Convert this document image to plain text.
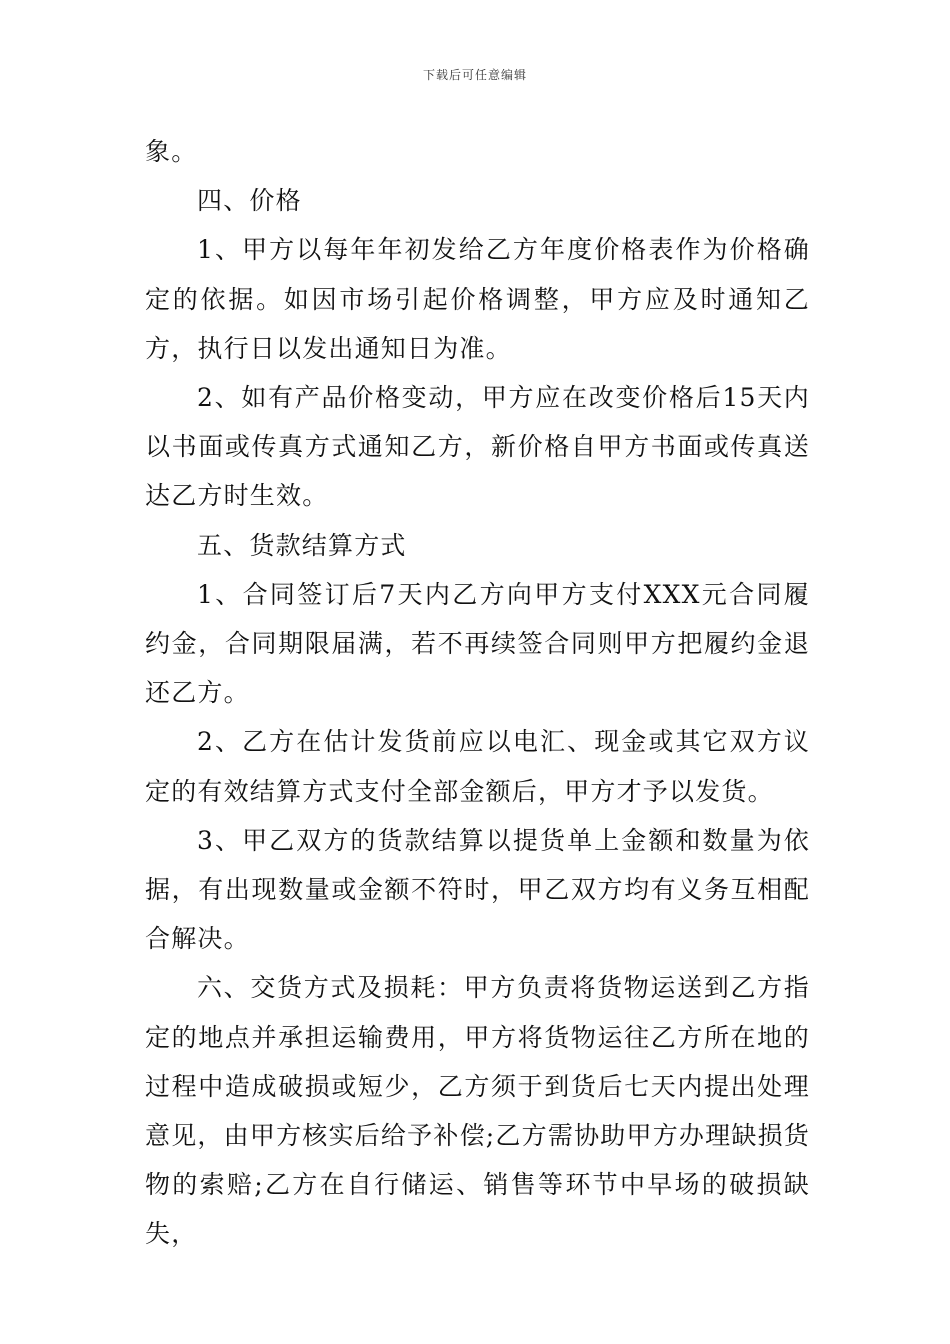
下载后可任意编辑

象。

四、价格

1、甲方以每年年初发给乙方年度价格表作为价格确定的依据。如因市场引起价格调整，甲方应及时通知乙方，执行日以发出通知日为准。

2、如有产品价格变动，甲方应在改变价格后15天内以书面或传真方式通知乙方，新价格自甲方书面或传真送达乙方时生效。

五、货款结算方式

1、合同签订后7天内乙方向甲方支付XXX元合同履约金，合同期限届满，若不再续签合同则甲方把履约金退还乙方。

2、乙方在估计发货前应以电汇、现金或其它双方议定的有效结算方式支付全部金额后，甲方才予以发货。

3、甲乙双方的货款结算以提货单上金额和数量为依据，有出现数量或金额不符时，甲乙双方均有义务互相配合解决。

六、交货方式及损耗：甲方负责将货物运送到乙方指定的地点并承担运输费用，甲方将货物运往乙方所在地的过程中造成破损或短少，乙方须于到货后七天内提出处理意见，由甲方核实后给予补偿;乙方需协助甲方办理缺损货物的索赔;乙方在自行储运、销售等环节中早场的破损缺失，
